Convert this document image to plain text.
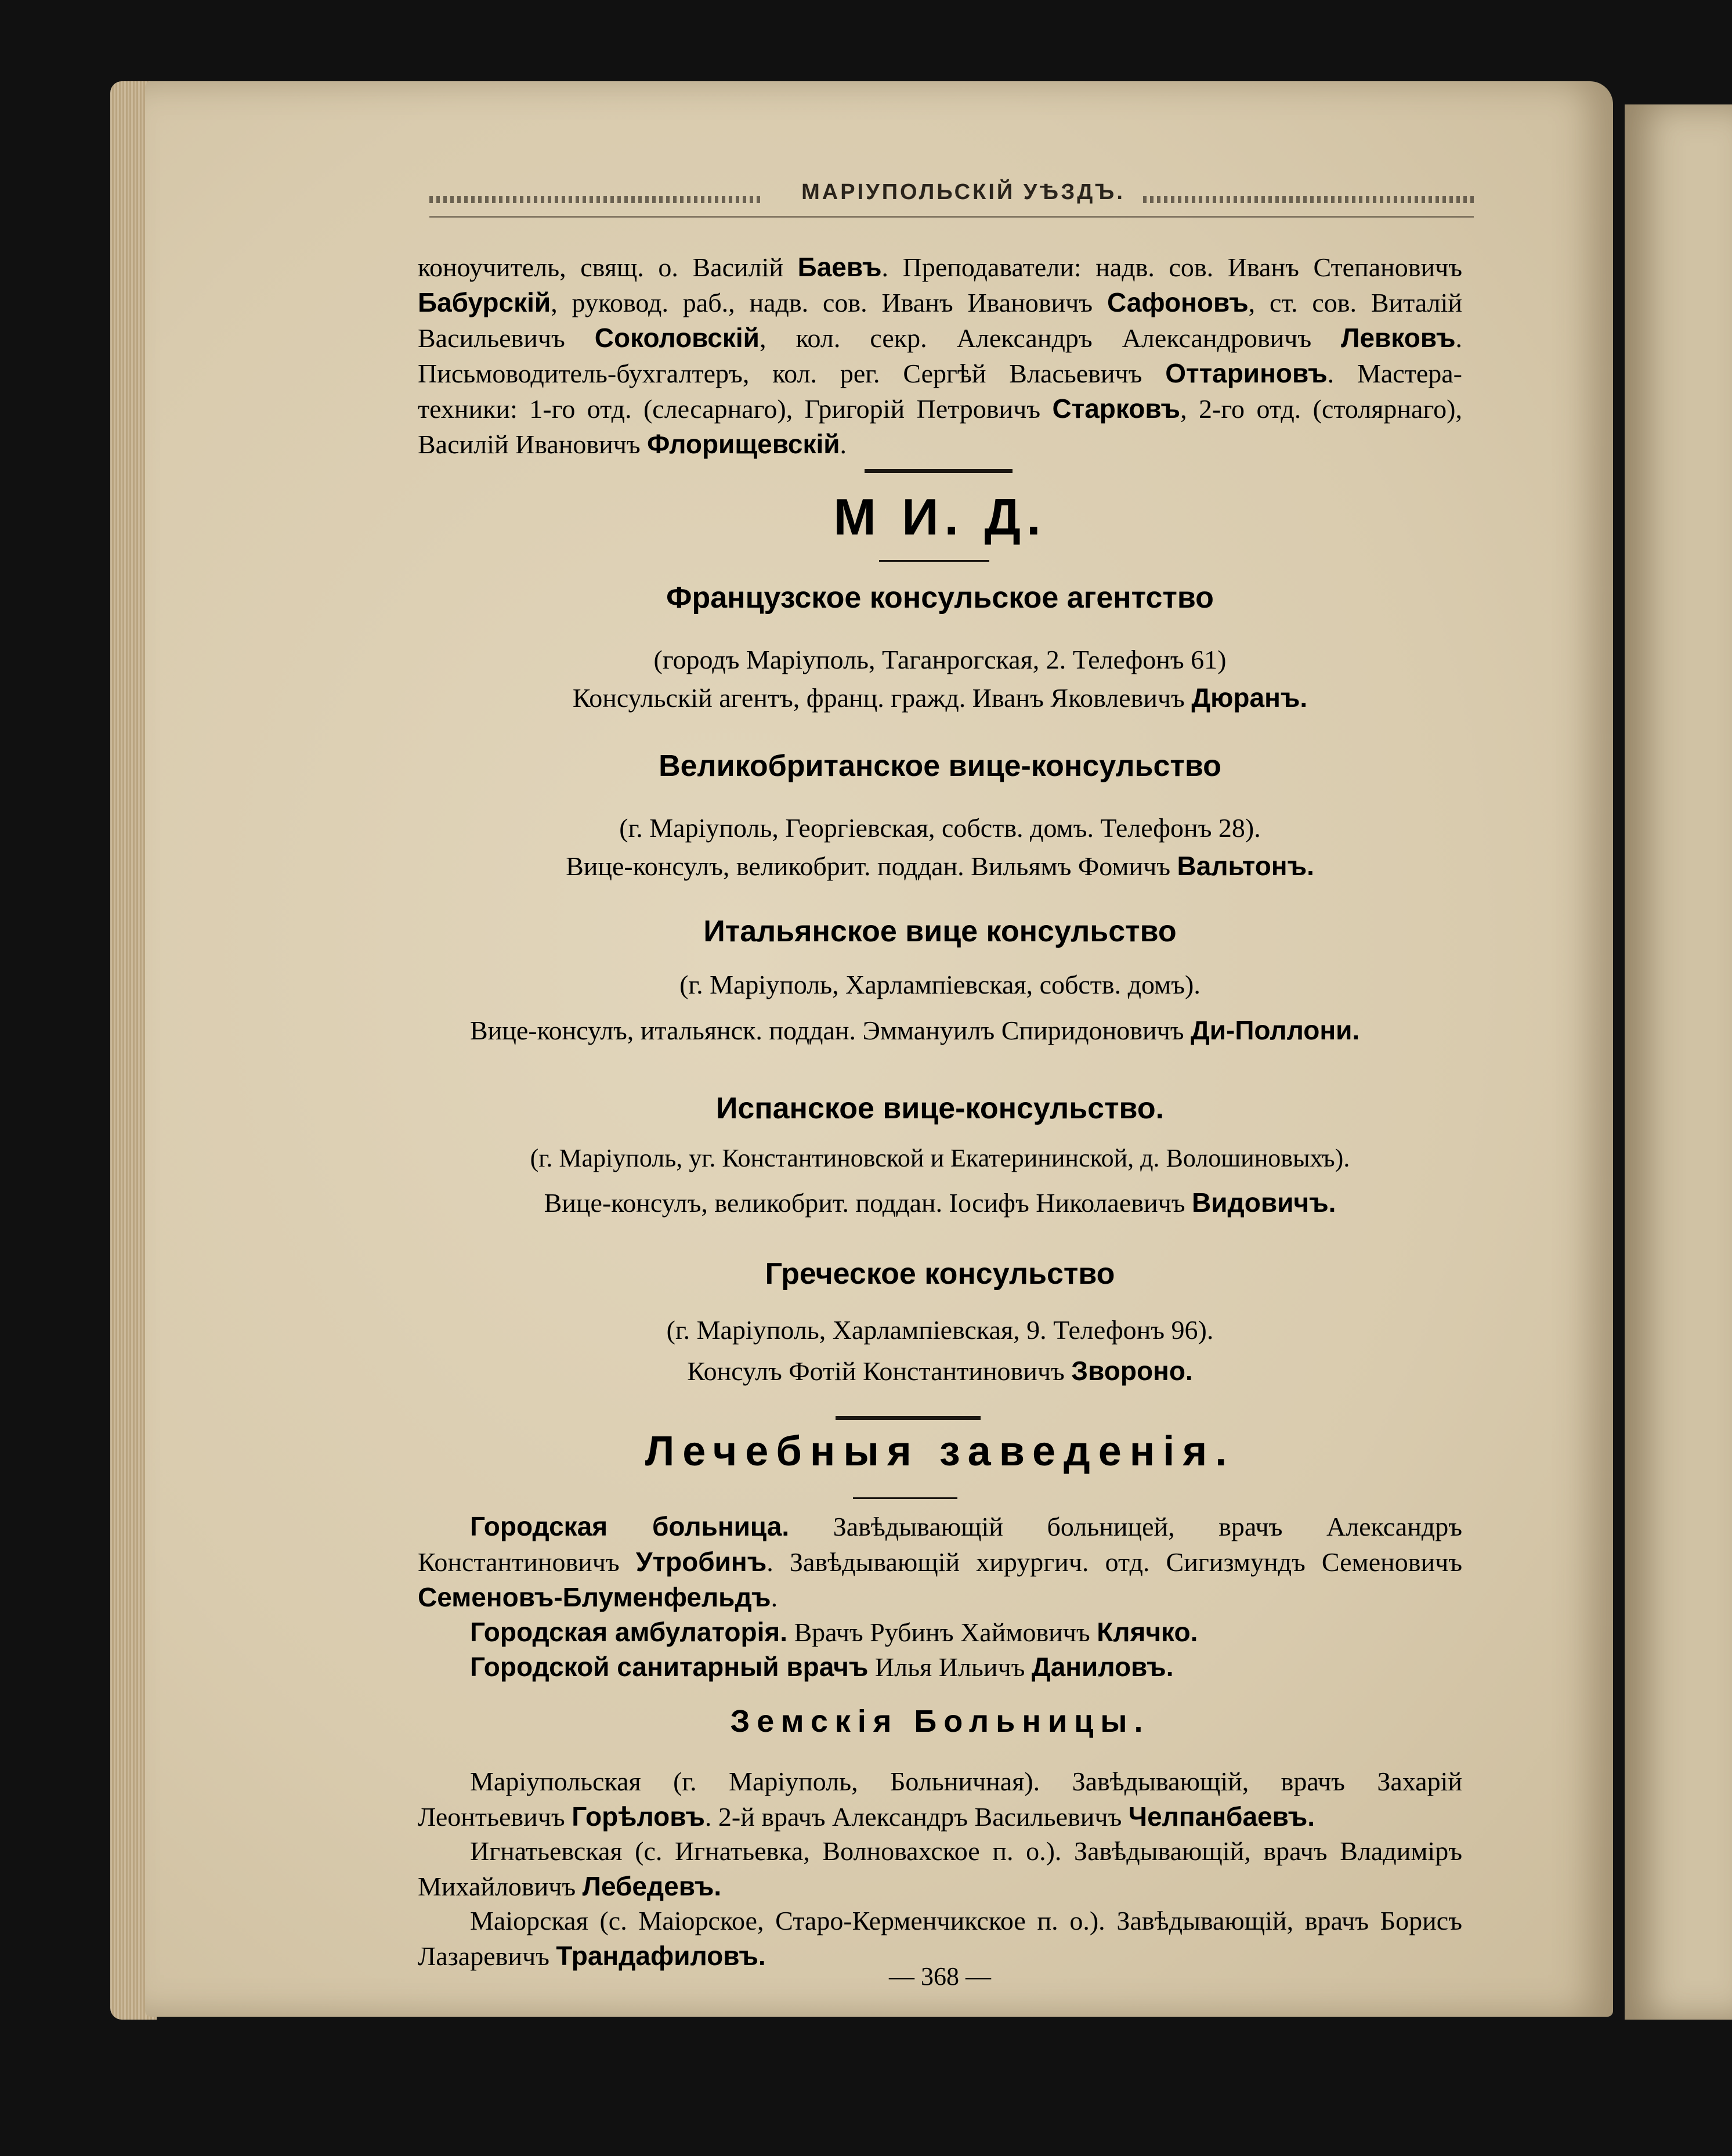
МАРІУПОЛЬСКІЙ УѢЗДЪ.
коноучитель, свящ. о. Василій Баевъ. Преподаватели: надв. сов. Иванъ Степановичъ Бабурскій, руковод. раб., надв. сов. Иванъ Ивановичъ Сафоновъ, ст. сов. Виталій Васильевичъ Соколовскій, кол. секр. Александръ Александровичъ Левковъ. Письмоводитель-бухгалтеръ, кол. рег. Сергѣй Власьевичъ Оттариновъ. Мастера-техники: 1-го отд. (слесарнаго), Григорій Петровичъ Старковъ, 2-го отд. (столярнаго), Василій Ивановичъ Флорищевскій.
М И. Д.
Французское консульское агентство
(городъ Маріуполь, Таганрогская, 2. Телефонъ 61)
Консульскій агентъ, франц. гражд. Иванъ Яковлевичъ Дюранъ.
Великобританское вице-консульство
(г. Маріуполь, Георгіевская, собств. домъ. Телефонъ 28).
Вице-консулъ, великобрит. поддан. Вильямъ Фомичъ Вальтонъ.
Итальянское вице консульство
(г. Маріуполь, Харлампіевская, собств. домъ).
Вице-консулъ, итальянск. поддан. Эммануилъ Спиридоновичъ Ди-Поллони.
Испанское вице-консульство.
(г. Маріуполь, уг. Константиновской и Екатерининской, д. Волошиновыхъ).
Вице-консулъ, великобрит. поддан. Іосифъ Николаевичъ Видовичъ.
Греческое консульство
(г. Маріуполь, Харлампіевская, 9. Телефонъ 96).
Консулъ Фотій Константиновичъ Звороно.
Лечебныя заведенія.
Городская больница. Завѣдывающій больницей, врачъ Александръ Константиновичъ Утробинъ. Завѣдывающій хирургич. отд. Сигизмундъ Семеновичъ Семеновъ-Блуменфельдъ.
Городская амбулаторія. Врачъ Рубинъ Хаймовичъ Клячко.
Городской санитарный врачъ Илья Ильичъ Даниловъ.
Земскія Больницы.
Маріупольская (г. Маріуполь, Больничная). Завѣдывающій, врачъ Захарій Леонтьевичъ Горѣловъ. 2-й врачъ Александръ Васильевичъ Челпанбаевъ.
Игнатьевская (с. Игнатьевка, Волновахское п. о.). Завѣдывающій, врачъ Владиміръ Михайловичъ Лебедевъ.
Маіорская (с. Маіорское, Старо-Керменчикское п. о.). Завѣдывающій, врачъ Борисъ Лазаревичъ Трандафиловъ.
— 368 —
